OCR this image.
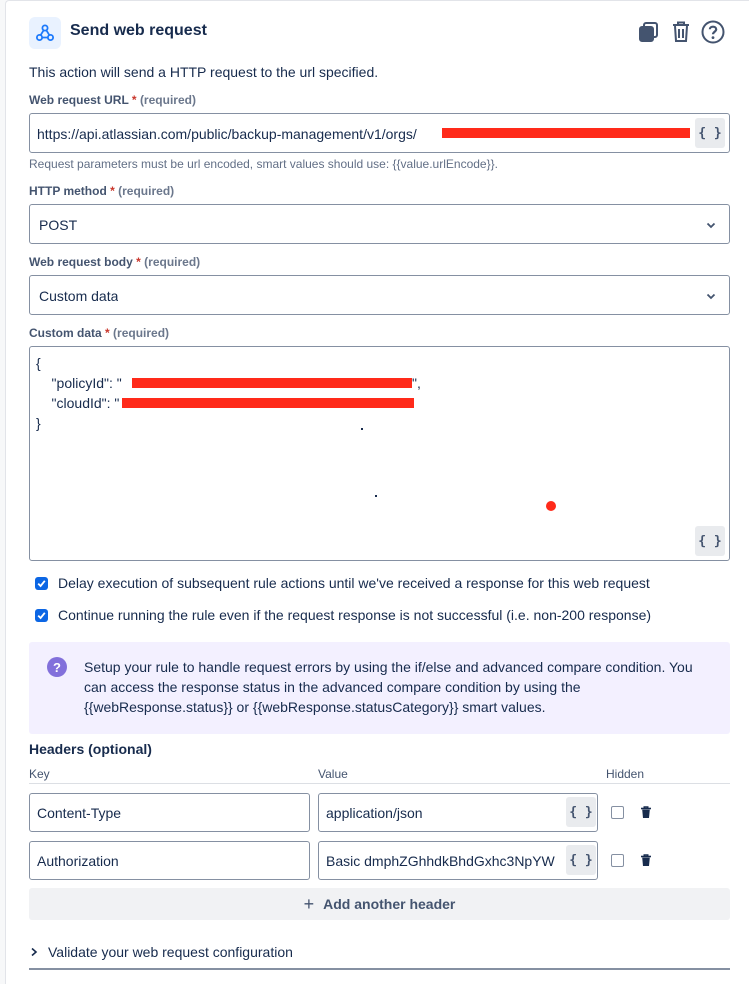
Send web request
This action will send a HTTP request to the url specified.
Web request URL * (required)
https://api.atlassian.com/public/backup-management/v1/orgs/	{ }
Request parameters must be url encoded, smart values should use: {{value.urlEncode}}.
HTTP method * (required)
POST
Web request body * (required)
Custom data
Custom data * (required)
{
"policyId": "	",
"cloudId": "
}
{ }
Delay execution of subsequent rule actions until we've received a response for this web request
Continue running the rule even if the request response is not successful (i.e. non-200 response)
?	Setup your rule to handle request errors by using the if/else and advanced compare condition. You can access the response status in the advanced compare condition by using the {{webResponse.status}} or {{webResponse.statusCategory}} smart values.
Headers (optional)
Key	Value	Hidden
Content-Type	application/json	{ }
Authorization	Basic dmphZGhhdkBhdGxhc3NpYW	{ }
+ Add another header
Validate your web request configuration
